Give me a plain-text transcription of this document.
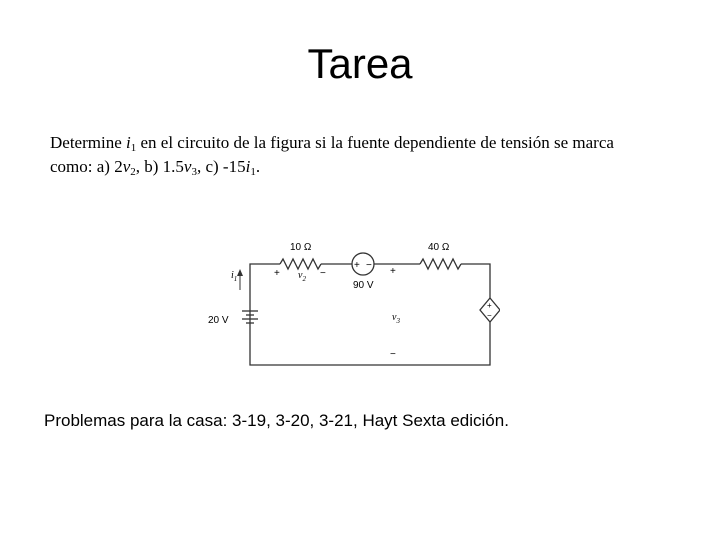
Tarea
Determine $i_1$ en el circuito de la figura si la fuente dependiente de tensión se marca
como: a) $2v_2$, b) $1.5v_3$, c) $-15i_1$.
10 Ω	40 Ω
+ −
90 V
20 V
$i_1$	+ $v_2$ −
+
−
+
$v_3$
−
Problemas para la casa: 3-19, 3-20, 3-21, Hayt Sexta edición.
